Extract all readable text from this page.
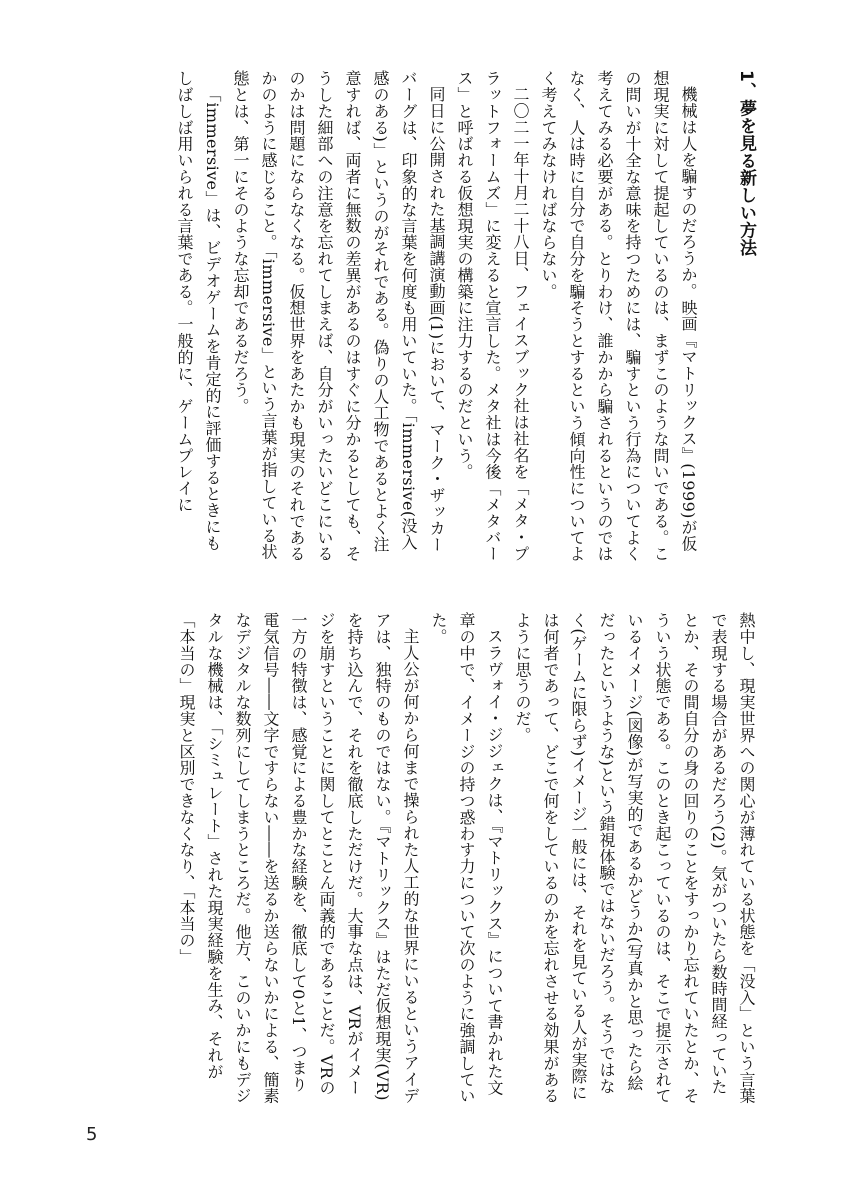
1、夢を見る新しい方法

機械は人を騙すのだろうか。映画『マトリックス』(1999)が仮想現実に対して提起しているのは、まずこのような問いである。この問いが十全な意味を持つためには、騙すという行為についてよく考えてみる必要がある。とりわけ、誰かから騙されるというのではなく、人は時に自分で自分を騙そうとするという傾向性についてよく考えてみなければならない。

二〇二一年十月二十八日、フェイスブック社は社名を「メタ・プラットフォームズ」に変えると宣言した。メタ社は今後「メタバース」と呼ばれる仮想現実の構築に注力するのだという。

同日に公開された基調講演動画(1)において、マーク・ザッカーバーグは、印象的な言葉を何度も用いていた。「immersive(没入感のある)」というのがそれである。偽りの人工物であるとよく注意すれば、両者に無数の差異があるのはすぐに分かるとしても、そうした細部への注意を忘れてしまえば、自分がいったいどこにいるのかは問題にならなくなる。仮想世界をあたかも現実のそれであるかのように感じること。「immersive」という言葉が指している状態とは、第一にそのような忘却であるだろう。

「immersive」は、ビデオゲームを肯定的に評価するときにもしばしば用いられる言葉である。一般的に、ゲームプレイに

熱中し、現実世界への関心が薄れている状態を「没入」という言葉で表現する場合があるだろう(2)。気がついたら数時間経っていたとか、その間自分の身の回りのことをすっかり忘れていたとか、そういう状態である。このとき起こっているのは、そこで提示されているイメージ(図像)が写実的であるかどうか(写真かと思ったら絵だったというような)という錯視体験ではないだろう。そうではなく(ゲームに限らず)イメージ一般には、それを見ている人が実際には何者であって、どこで何をしているのかを忘れさせる効果があるように思うのだ。

スラヴォイ・ジジェクは、『マトリックス』について書かれた文章の中で、イメージの持つ惑わす力について次のように強調していた。

主人公が何から何まで操られた人工的な世界にいるというアイデアは、独特のものではない。『マトリックス』はただ仮想現実(VR)を持ち込んで、それを徹底しただけだ。大事な点は、VRがイメージを崩すということに関してとことん両義的であることだ。VRの一方の特徴は、感覚による豊かな経験を、徹底して0と1、つまり電気信号――文字ですらない――を送るか送らないかによる、簡素なデジタルな数列にしてしまうところだ。他方、このいかにもデジタルな機械は、「シミュレート」された現実経験を生み、それが「本当の」現実と区別できなくなり、「本当の」

5
